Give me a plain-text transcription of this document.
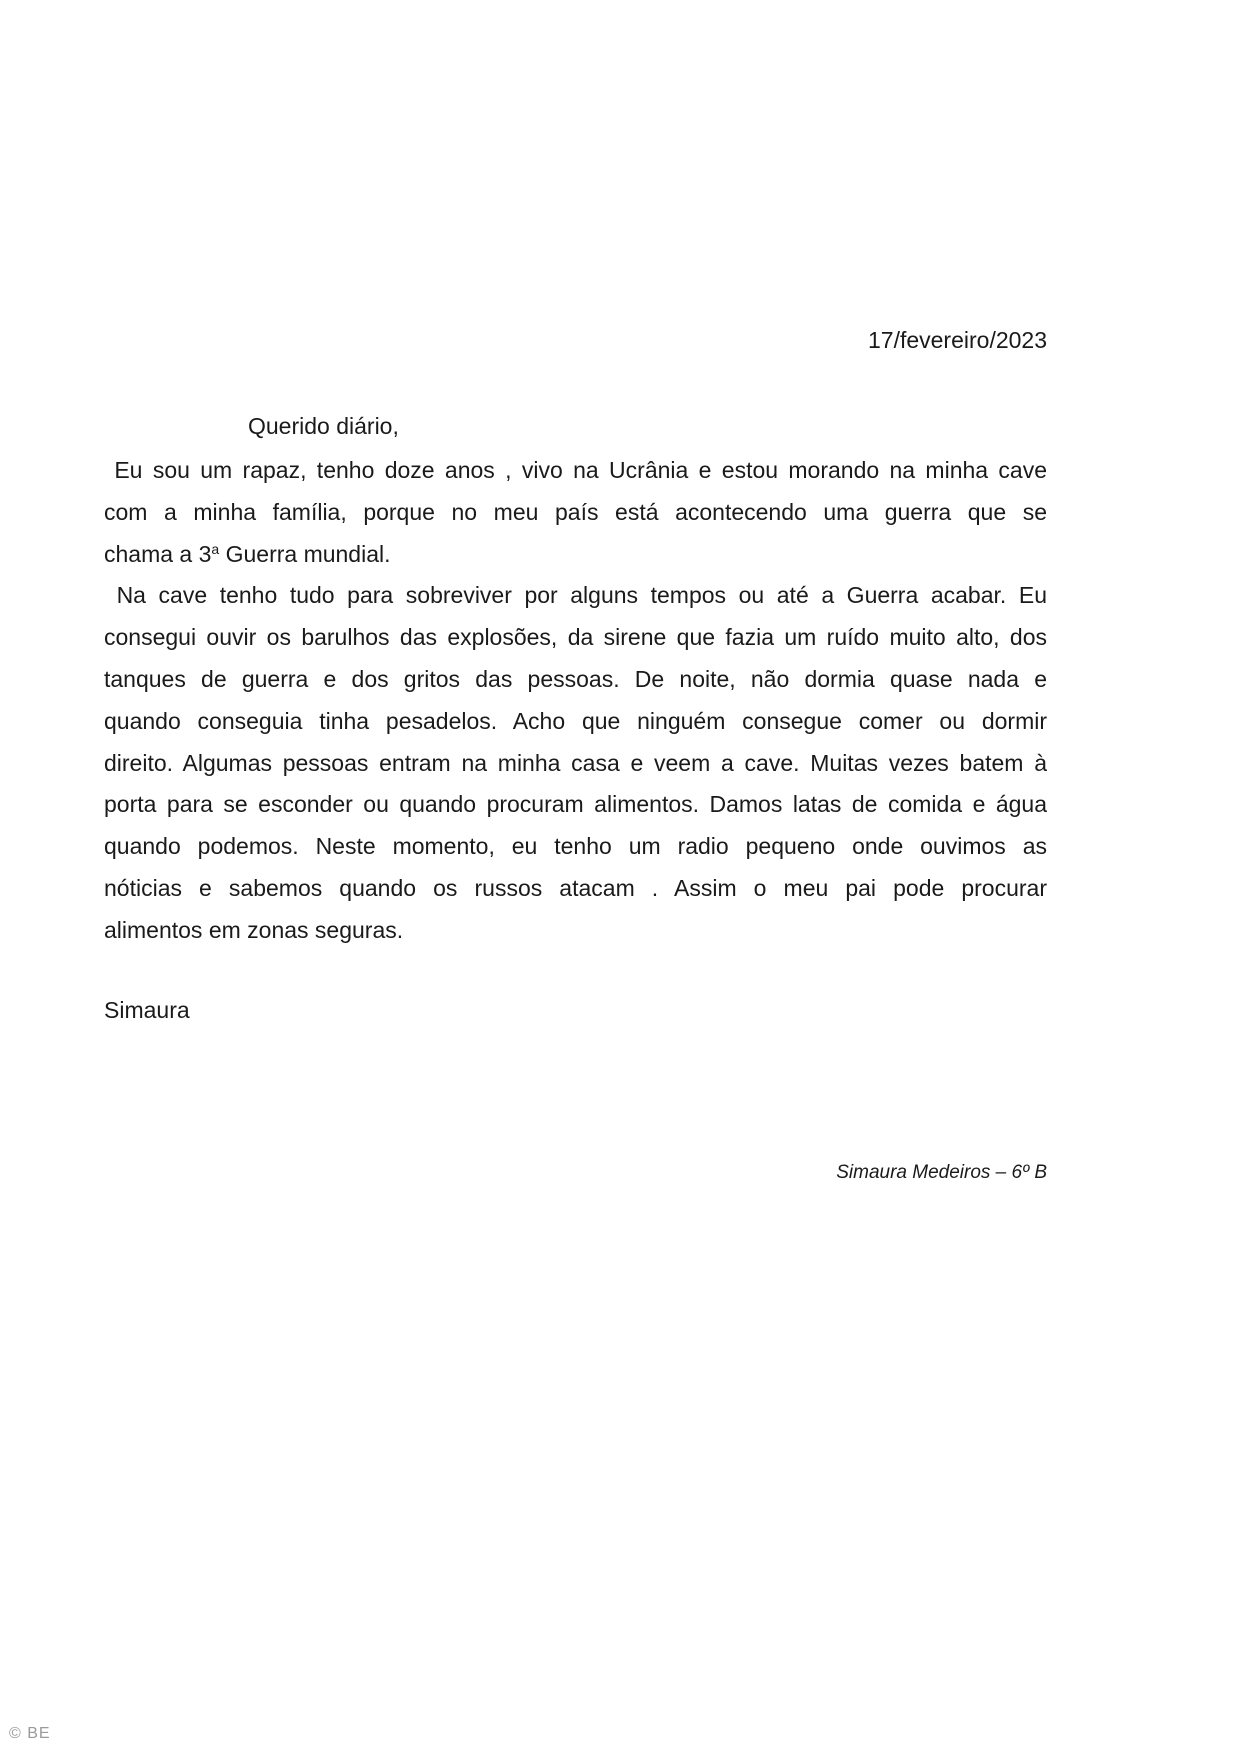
17/fevereiro/2023
Querido diário,
Eu sou um rapaz, tenho doze anos , vivo na Ucrânia e estou morando na minha cave
com a minha família, porque no meu país está acontecendo uma guerra que se
chama a 3$^a$ Guerra mundial.
Na cave tenho tudo para sobreviver por alguns tempos ou até a Guerra acabar. Eu
consegui ouvir os barulhos das explosões, da sirene que fazia um ruído muito alto, dos
tanques de guerra e dos gritos das pessoas. De noite, não dormia quase nada e
quando conseguia tinha pesadelos. Acho que ninguém consegue comer ou dormir
direito. Algumas pessoas entram na minha casa e veem a cave. Muitas vezes batem à
porta para se esconder ou quando procuram alimentos. Damos latas de comida e água
quando podemos. Neste momento, eu tenho um radio pequeno onde ouvimos as
nóticias e sabemos quando os russos atacam . Assim o meu pai pode procurar
alimentos em zonas seguras.
Simaura
Simaura Medeiros – 6º B
© BE
